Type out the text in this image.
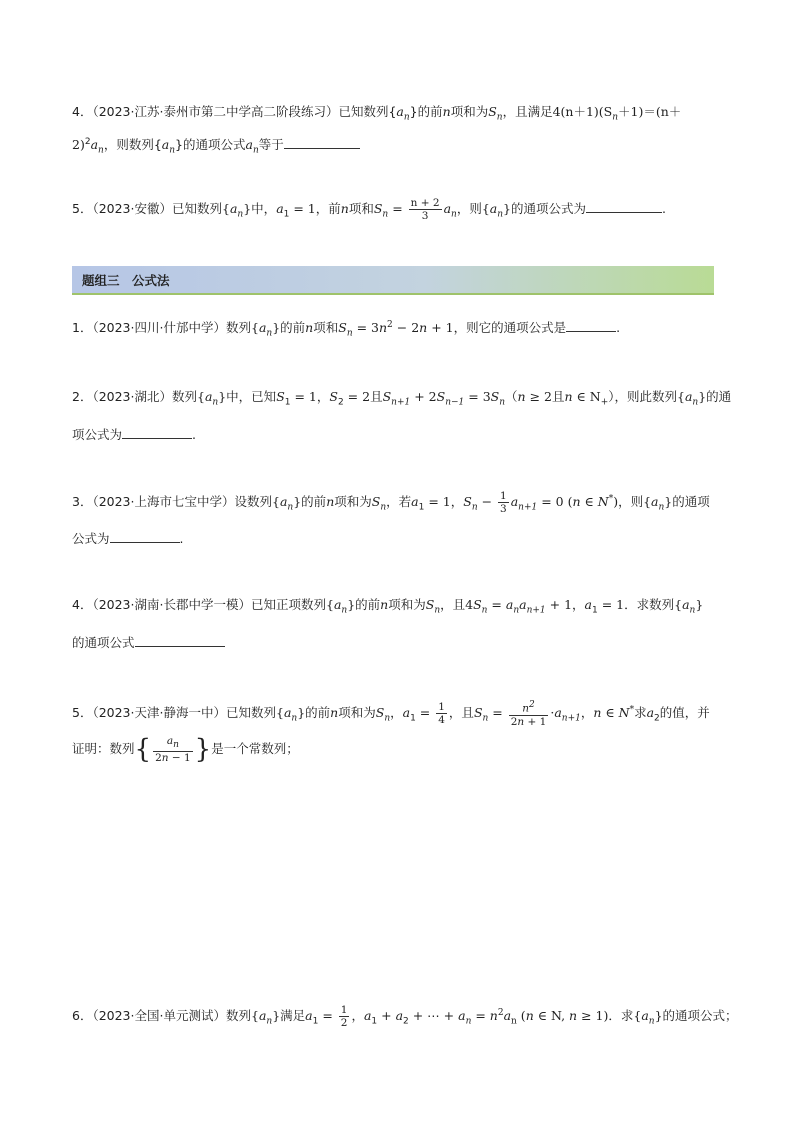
4．（2023·江苏·泰州市第二中学高二阶段练习）已知数列$\{a_n\}$的前n项和为$S_n$，且满足$4(n+1)(S_n+1)=(n+$
$2)^2a_n$，则数列$\{a_n\}$的通项公式$a_n$等于
5．（2023·安徽）已知数列$\{a_n\}$中，$a_1 = 1$，前n项和$S_n = \frac{n + 2}{3} a_n$，则$\{a_n\}$的通项公式为	.
题组三　公式法
1．（2023·四川·什邡中学）数列$\{a_n\}$的前n项和$S_n = 3n^2 - 2n + 1$，则它的通项公式是	.
2．（2023·湖北）数列$\{a_n\}$中，已知$S_1 = 1$，$S_2 = 2$且$S_{n+1} + 2S_{n-1} = 3S_n(n \ge 2$且n ∈ $N_+$），则此数列$\{a_n\}$的通
项公式为	.
3．（2023·上海市七宝中学）设数列$\{a_n\}$的前n项和为$S_n$，若$a_1 = 1$，$S_n - \frac{1}{3} a_{n+1} = 0$ (n ∈ N*)，则$\{a_n\}$的通项
公式为	.
4．（2023·湖南·长郡中学一模）已知正项数列$\{a_n\}$的前n项和为$S_n$，且$4S_n = a_na_{n+1} + 1$，$a_1 = 1$．求数列$\{a_n\}$
的通项公式
5．（2023·天津·静海一中）已知数列$\{a_n\}$的前n项和为$S_n$，$a_1 = \frac{1}{4}$ ，且$S_n = \frac{n^2}{2n + 1} \cdot a_{n+1}$，n ∈ N*求$a_2$的值，并
证明：数列{ $\frac{a_n}{2n - 1}$ }是一个常数列；
6．（2023·全国·单元测试）数列$\{a_n\}$满足$a_1 = \frac{1}{2}$ ，$a_1 + a_2$ + ⋯ + $a_n = n^2a_n$ (n ∈ N, n ≥ 1)．求$\{a_n\}$的通项公式；
